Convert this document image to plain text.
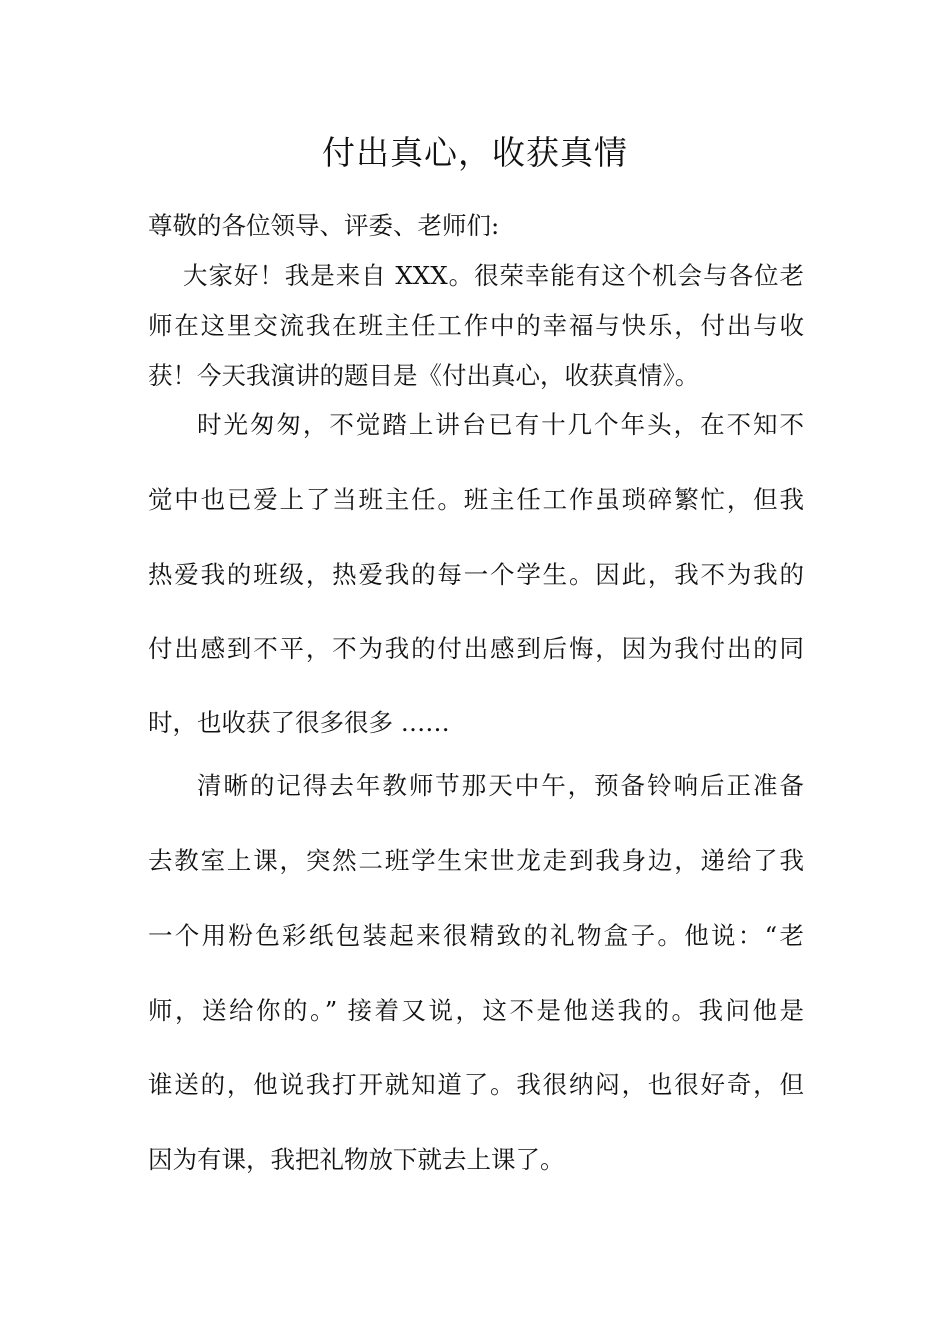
付出真心，收获真情
尊敬的各位领导、评委、老师们:
大家好！我是来自 XXX。很荣幸能有这个机会与各位老
师在这里交流我在班主任工作中的幸福与快乐，付出与收
获！今天我演讲的题目是《付出真心，收获真情》。
时光匆匆，不觉踏上讲台已有十几个年头，在不知不
觉中也已爱上了当班主任。班主任工作虽琐碎繁忙，但我
热爱我的班级，热爱我的每一个学生。因此，我不为我的
付出感到不平，不为我的付出感到后悔，因为我付出的同
时，也收获了很多很多 ……
清晰的记得去年教师节那天中午，预备铃响后正准备
去教室上课，突然二班学生宋世龙走到我身边，递给了我
一个用粉色彩纸包装起来很精致的礼物盒子。他说：“老
师，送给你的。” 接着又说，这不是他送我的。我问他是
谁送的，他说我打开就知道了。我很纳闷，也很好奇，但
因为有课，我把礼物放下就去上课了。
